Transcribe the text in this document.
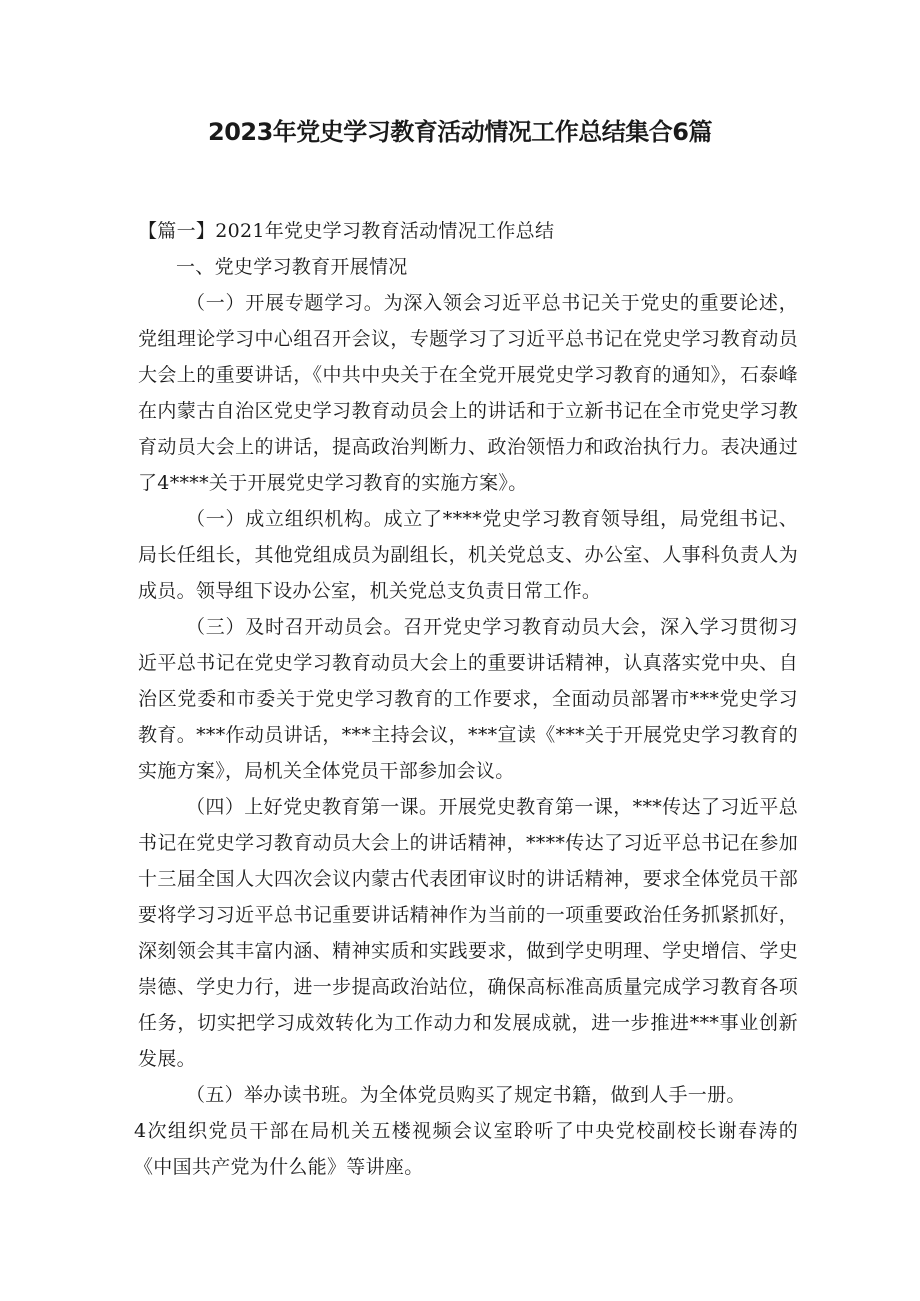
2023年党史学习教育活动情况工作总结集合6篇

【篇一】2021年党史学习教育活动情况工作总结

一、党史学习教育开展情况

（一）开展专题学习。为深入领会习近平总书记关于党史的重要论述，党组理论学习中心组召开会议，专题学习了习近平总书记在党史学习教育动员大会上的重要讲话，《中共中央关于在全党开展党史学习教育的通知》，石泰峰在内蒙古自治区党史学习教育动员会上的讲话和于立新书记在全市党史学习教育动员大会上的讲话，提高政治判断力、政治领悟力和政治执行力。表决通过了4****关于开展党史学习教育的实施方案》。

（一）成立组织机构。成立了****党史学习教育领导组，局党组书记、局长任组长，其他党组成员为副组长，机关党总支、办公室、人事科负责人为成员。领导组下设办公室，机关党总支负责日常工作。

（三）及时召开动员会。召开党史学习教育动员大会，深入学习贯彻习近平总书记在党史学习教育动员大会上的重要讲话精神，认真落实党中央、自治区党委和市委关于党史学习教育的工作要求，全面动员部署市***党史学习教育。***作动员讲话，***主持会议，***宣读《***关于开展党史学习教育的实施方案》，局机关全体党员干部参加会议。

（四）上好党史教育第一课。开展党史教育第一课，***传达了习近平总书记在党史学习教育动员大会上的讲话精神，****传达了习近平总书记在参加十三届全国人大四次会议内蒙古代表团审议时的讲话精神，要求全体党员干部要将学习习近平总书记重要讲话精神作为当前的一项重要政治任务抓紧抓好，深刻领会其丰富内涵、精神实质和实践要求，做到学史明理、学史增信、学史崇德、学史力行，进一步提高政治站位，确保高标准高质量完成学习教育各项任务，切实把学习成效转化为工作动力和发展成就，进一步推进***事业创新发展。

（五）举办读书班。为全体党员购买了规定书籍，做到人手一册。

4次组织党员干部在局机关五楼视频会议室聆听了中央党校副校长谢春涛的《中国共产党为什么能》等讲座。
